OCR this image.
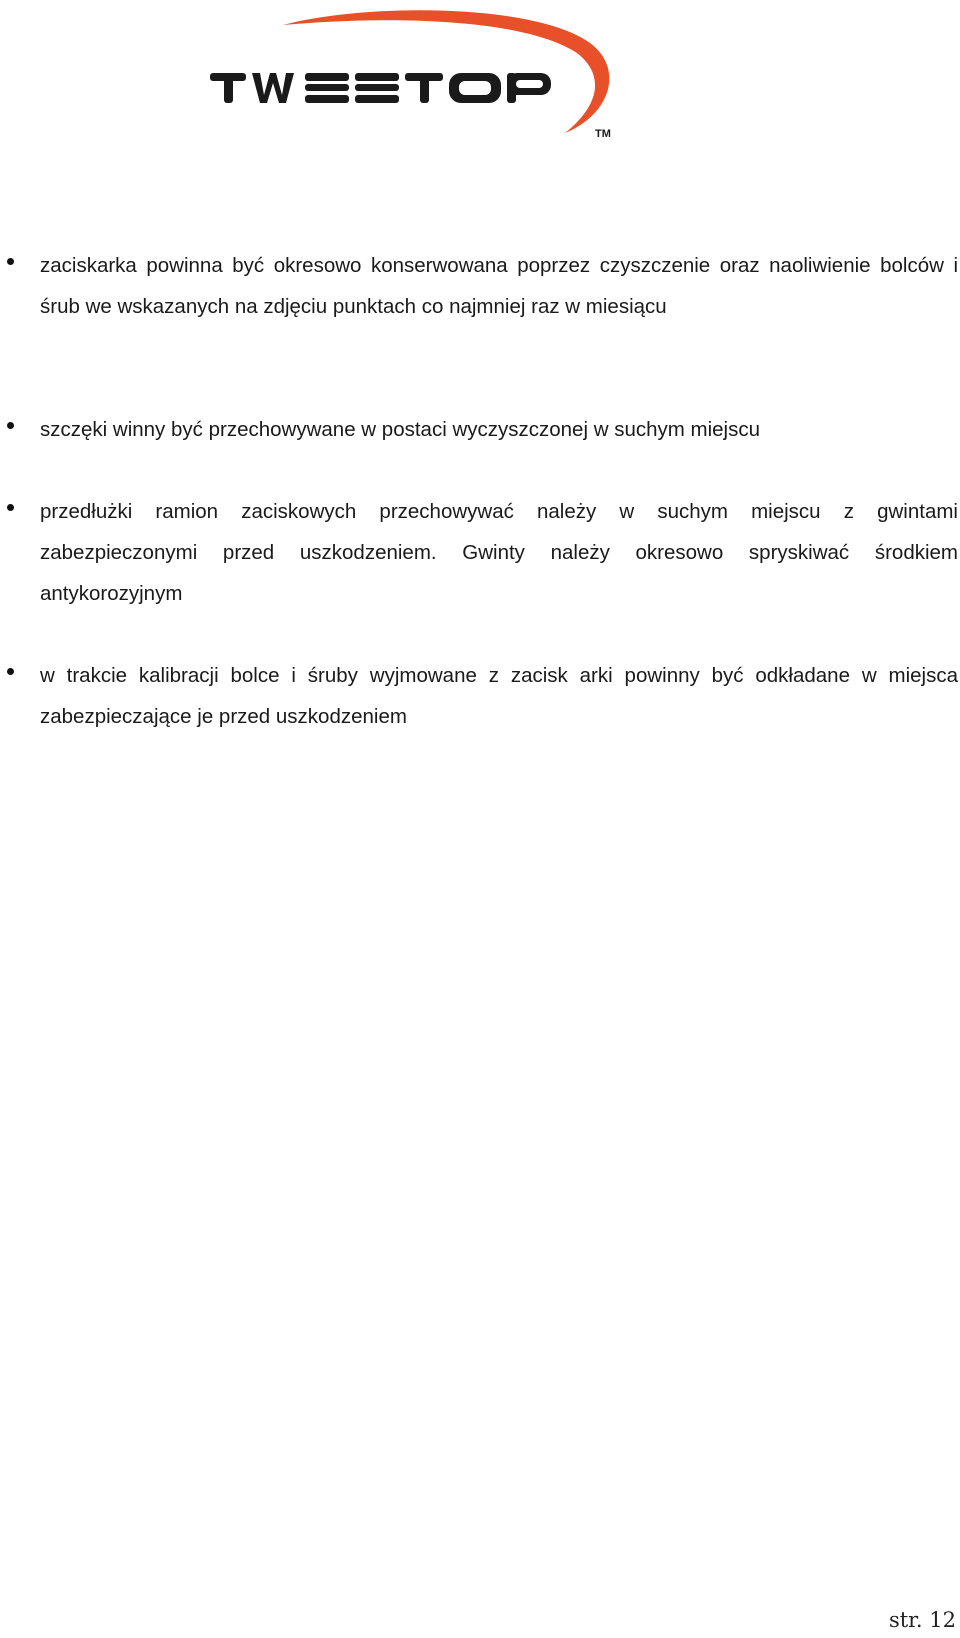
TM

zaciskarka powinna być okresowo konserwowana poprzez czyszczenie oraz naoliwienie bolców i śrub we wskazanych na zdjęciu punktach co najmniej raz w miesiącu

szczęki winny być przechowywane w postaci wyczyszczonej w suchym miejscu

przedłużki ramion zaciskowych przechowywać należy w suchym miejscu z gwintami zabezpieczonymi przed uszkodzeniem. Gwinty należy okresowo spryskiwać środkiem antykorozyjnym

w trakcie kalibracji bolce i śruby wyjmowane z zacisk arki powinny być odkładane w miejsca zabezpieczające je przed uszkodzeniem

str. 12
